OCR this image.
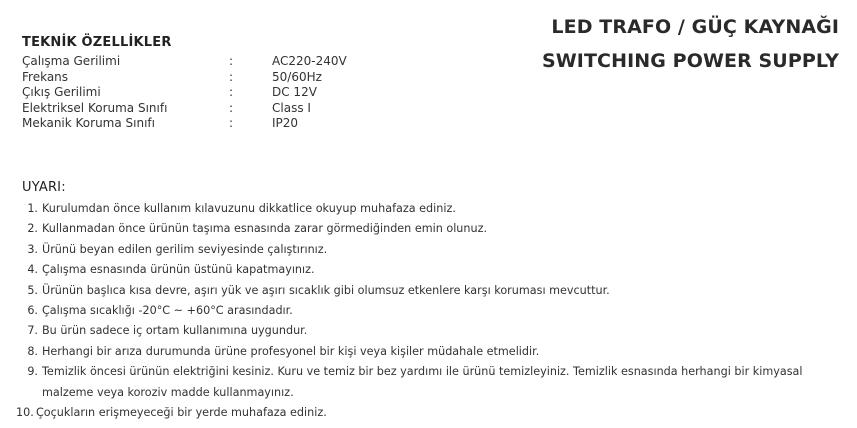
LED TRAFO / GÜÇ KAYNAĞI
SWITCHING POWER SUPPLY
TEKNİK ÖZELLİKLER
Çalışma Gerilimi	:	AC220-240V
Frekans	:	50/60Hz
Çıkış Gerilimi	:	DC 12V
Elektriksel Koruma Sınıfı	:	Class I
Mekanik Koruma Sınıfı	:	IP20
UYARI:
1. Kurulumdan önce kullanım kılavuzunu dikkatlice okuyup muhafaza ediniz.
2. Kullanmadan önce ürünün taşıma esnasında zarar görmediğinden emin olunuz.
3. Ürünü beyan edilen gerilim seviyesinde çalıştırınız.
4. Çalışma esnasında ürünün üstünü kapatmayınız.
5. Ürünün başlıca kısa devre, aşırı yük ve aşırı sıcaklık gibi olumsuz etkenlere karşı koruması mevcuttur.
6. Çalışma sıcaklığı -20°C ~ +60°C arasındadır.
7. Bu ürün sadece iç ortam kullanımına uygundur.
8. Herhangi bir arıza durumunda ürüne profesyonel bir kişi veya kişiler müdahale etmelidir.
9. Temizlik öncesi ürünün elektriğini kesiniz. Kuru ve temiz bir bez yardımı ile ürünü temizleyiniz. Temizlik esnasında herhangi bir kimyasal malzeme veya koroziv madde kullanmayınız.
10. Çoçukların erişmeyeceği bir yerde muhafaza ediniz.
